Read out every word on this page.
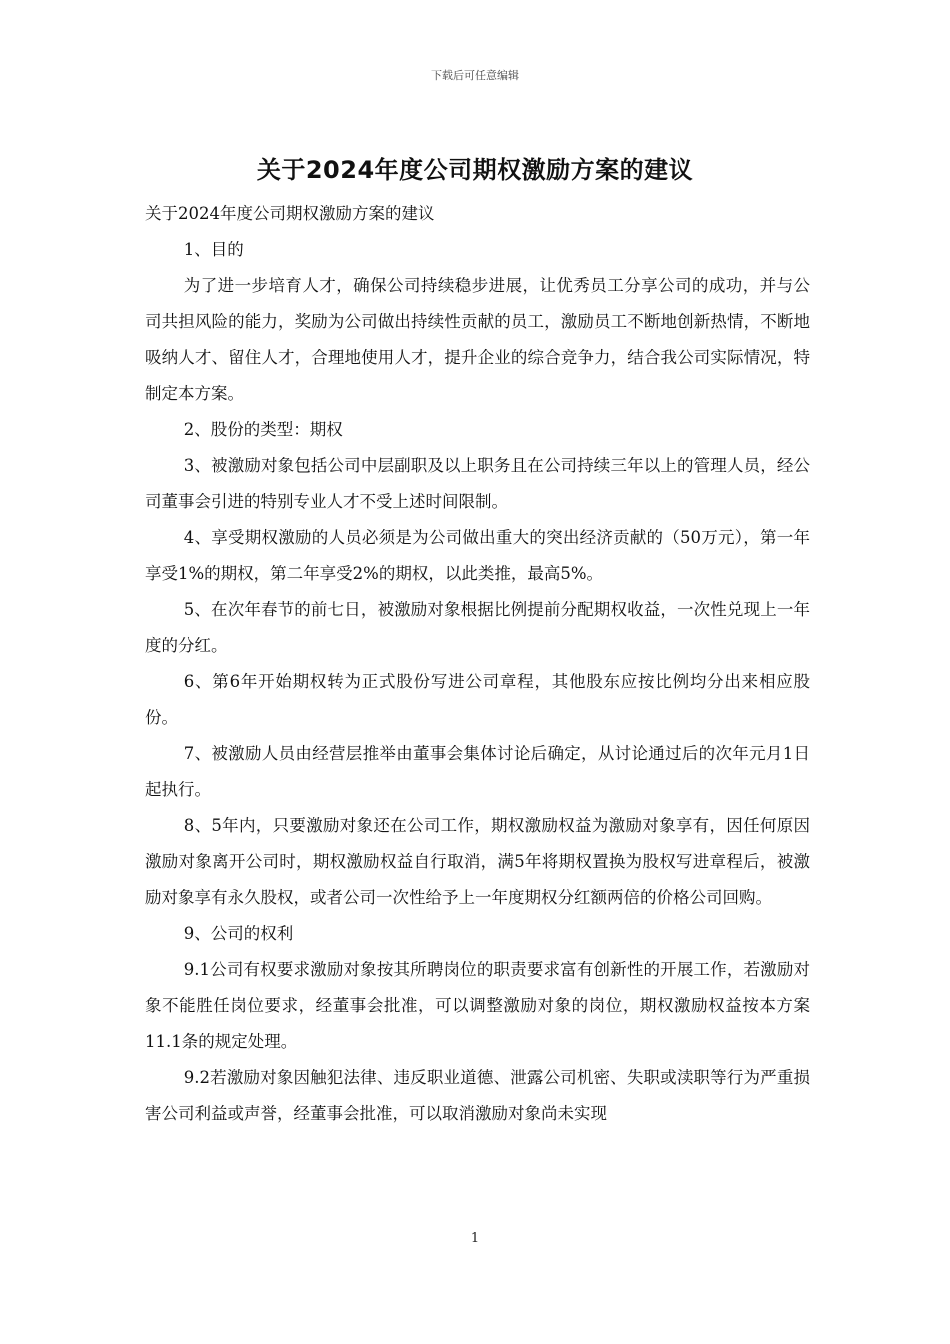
下载后可任意编辑
关于2024年度公司期权激励方案的建议

关于2024年度公司期权激励方案的建议

1、目的

为了进一步培育人才，确保公司持续稳步进展，让优秀员工分享公司的成功，并与公司共担风险的能力，奖励为公司做出持续性贡献的员工，激励员工不断地创新热情，不断地吸纳人才、留住人才，合理地使用人才，提升企业的综合竞争力，结合我公司实际情况，特制定本方案。

2、股份的类型：期权

3、被激励对象包括公司中层副职及以上职务且在公司持续三年以上的管理人员，经公司董事会引进的特别专业人才不受上述时间限制。

4、享受期权激励的人员必须是为公司做出重大的突出经济贡献的（50万元），第一年享受1%的期权，第二年享受2%的期权，以此类推，最高5%。

5、在次年春节的前七日，被激励对象根据比例提前分配期权收益，一次性兑现上一年度的分红。

6、第6年开始期权转为正式股份写进公司章程，其他股东应按比例均分出来相应股份。

7、被激励人员由经营层推举由董事会集体讨论后确定，从讨论通过后的次年元月1日起执行。

8、5年内，只要激励对象还在公司工作，期权激励权益为激励对象享有，因任何原因激励对象离开公司时，期权激励权益自行取消，满5年将期权置换为股权写进章程后，被激励对象享有永久股权，或者公司一次性给予上一年度期权分红额两倍的价格公司回购。

9、公司的权利

9.1公司有权要求激励对象按其所聘岗位的职责要求富有创新性的开展工作，若激励对象不能胜任岗位要求，经董事会批准，可以调整激励对象的岗位，期权激励权益按本方案11.1条的规定处理。

9.2若激励对象因触犯法律、违反职业道德、泄露公司机密、失职或渎职等行为严重损害公司利益或声誉，经董事会批准，可以取消激励对象尚未实现

1
